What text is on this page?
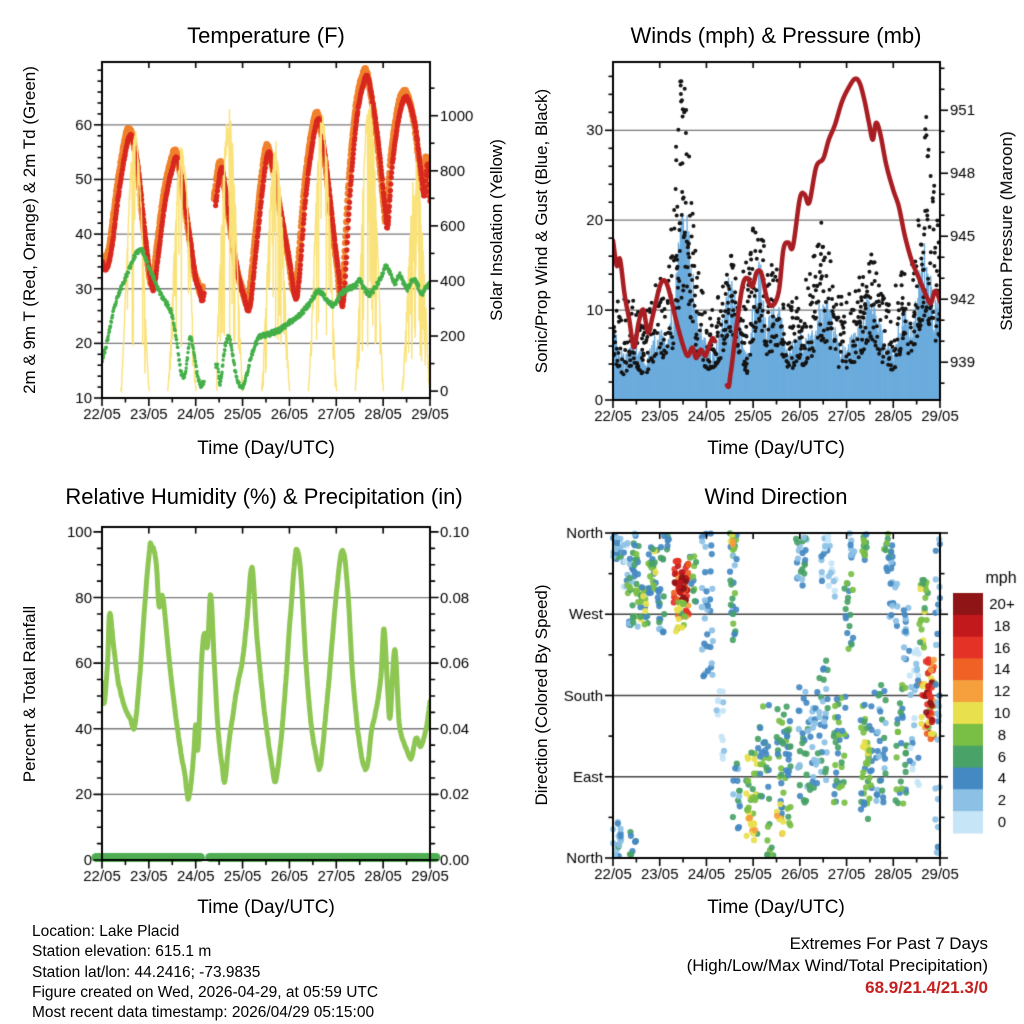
Temperature (F)	Winds (mph) & Pressure (mb)
Relative Humidity (%) & Precipitation (in)	Wind Direction
2m & 9m T (Red, Orange) & 2m Td (Green)	Solar Insolation (Yellow) Sonic/Prop Wind & Gust (Blue, Black)	Station Pressure (Maroon)
Percent & Total Rainfall	Direction (Colored By Speed)
Time (Day/UTC)	Time (Day/UTC)
Time (Day/UTC)	Time (Day/UTC)
Location: Lake Placid
Station elevation: 615.1 m
Station lat/lon: 44.2416; -73.9835
Figure created on Wed, 2026-04-29, at 05:59 UTC
Most recent data timestamp: 2026/04/29 05:15:00
Extremes For Past 7 Days
(High/Low/Max Wind/Total Precipitation)
68.9/21.4/21.3/0
